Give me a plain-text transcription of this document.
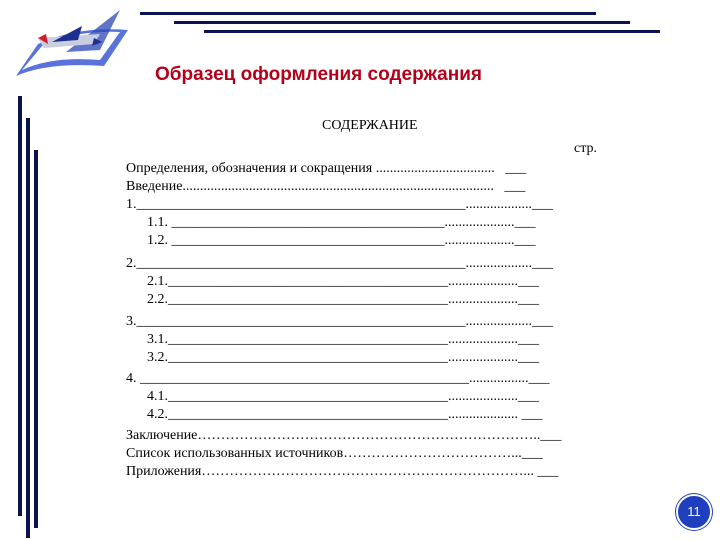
Образец оформления содержания
СОДЕРЖАНИЕ
стр.
Определения, обозначения и сокращения ..................................   ___
Введение.........................................................................................   ___
1._______________________________________________...................___
1.1. _______________________________________....................___
1.2. _______________________________________....................___
2._______________________________________________...................___
2.1.________________________________________....................___
2.2.________________________________________....................___
3._______________________________________________...................___
3.1.________________________________________....................___
3.2.________________________________________....................___
4. _______________________________________________.................___
4.1.________________________________________....................___
4.2.________________________________________.................... ___
Заключение………………………………………………………………..___
Список использованных источников………………………………...___
Приложения……………………………………………………………... ___
11
